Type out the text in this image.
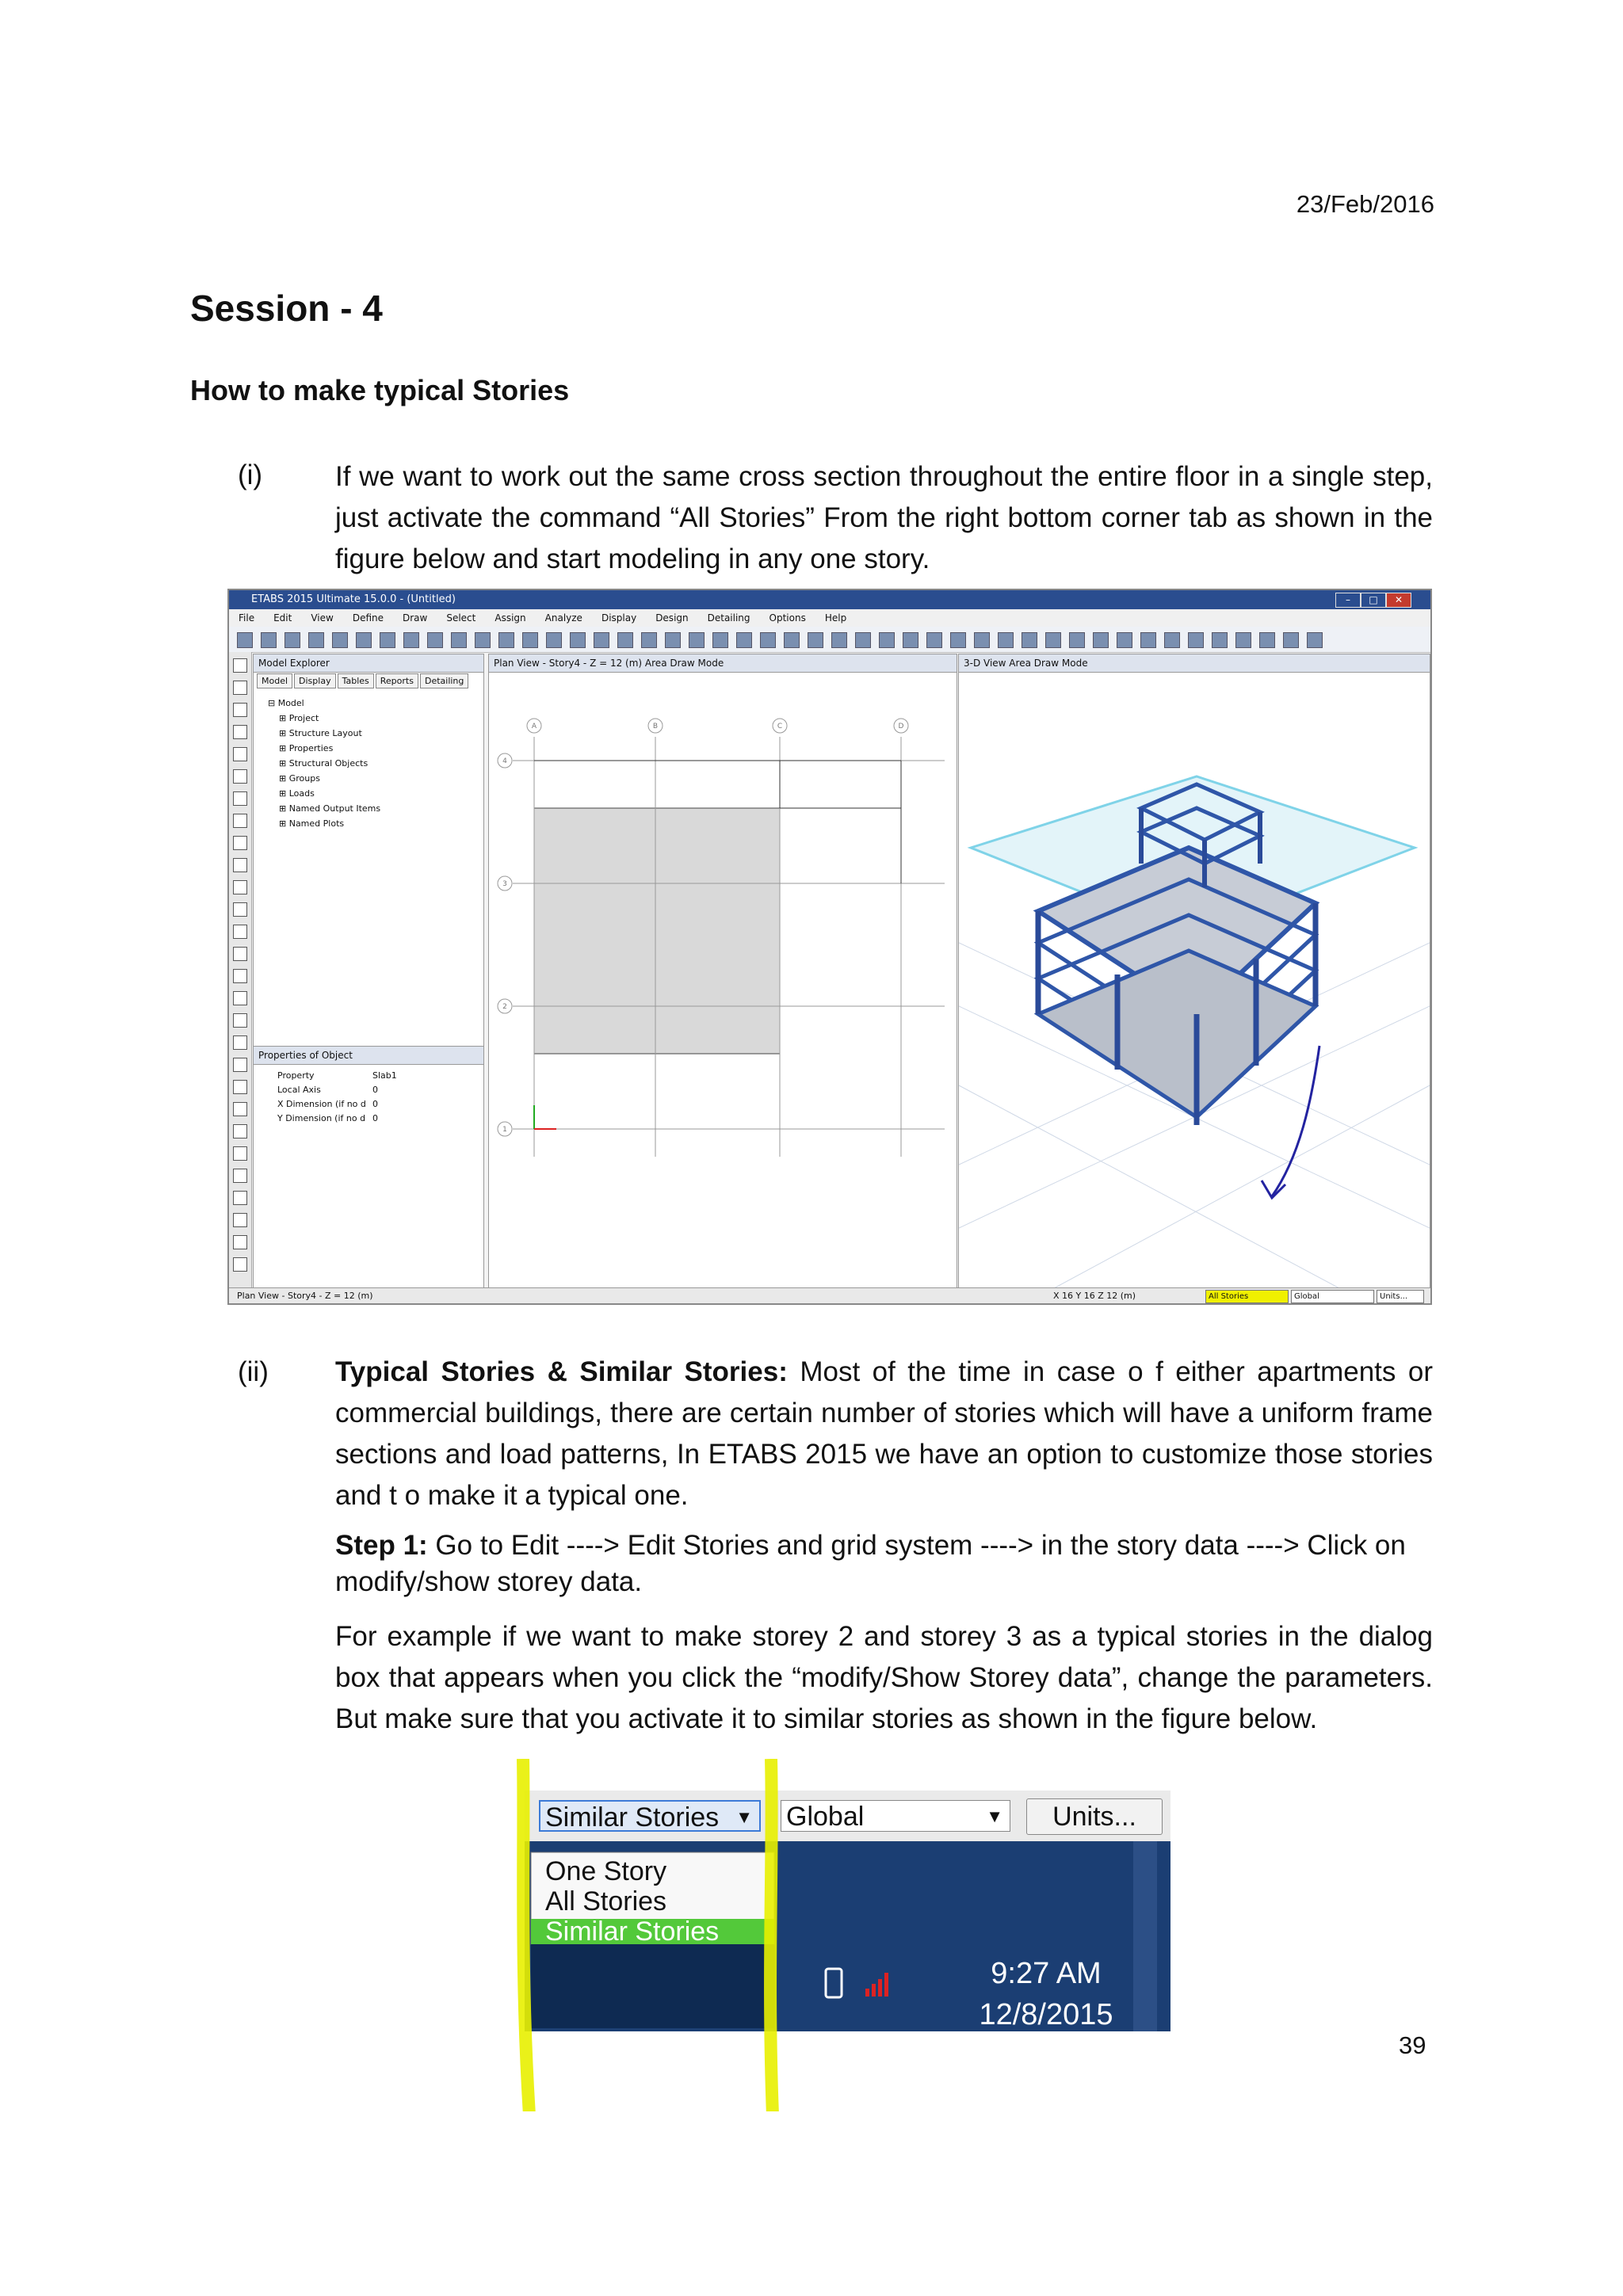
23/Feb/2016
Session - 4
How to make typical Stories
(i)	If we want to work out the same cross section throughout the entire floor in a single step, just activate the command “All Stories” From the right bottom corner tab as shown in the figure below and start modeling in any one story.
ETABS 2015 Ultimate 15.0.0 - (Untitled)	–	□	✕
File Edit View Define Draw Select Assign Analyze Display Design Detailing Options Help
Model Explorer
Model Display Tables Reports Detailing
⊟ Model
⊞ Project
⊞ Structure Layout
⊞ Properties
⊞ Structural Objects
⊞ Groups
⊞ Loads
⊞ Named Output Items
⊞ Named Plots
Properties of Object
Property	Slab1
Local Axis	0
X Dimension (if no d 0
Y Dimension (if no d 0
Plan View - Story4 - Z = 12 (m) Area Draw Mode
A	B	C	D
4
3
2
1
3-D View Area Draw Mode
Plan View - Story4 - Z = 12 (m)	X 16 Y 16 Z 12 (m)	All Stories	Global	Units...
(ii) Typical Stories & Similar Stories: Most of the time in case o f either apartments or commercial buildings, there are certain number of stories which will have a uniform frame sections and load patterns, In ETABS 2015 we have an option to customize those stories and t o make it a typical one.
Step 1: Go to Edit ----> Edit Stories and grid system ----> in the story data ----> Click on modify/show storey data.
For example if we want to make storey 2 and storey 3 as a typical stories in the dialog box that appears when you click the “modify/Show Storey data”, change the parameters. But make sure that you activate it to similar stories as shown in the figure below.
Similar Stories ▼ Global	▼	Units...
One Story
All Stories
Similar Stories
9:27 AM
12/8/2015
39
